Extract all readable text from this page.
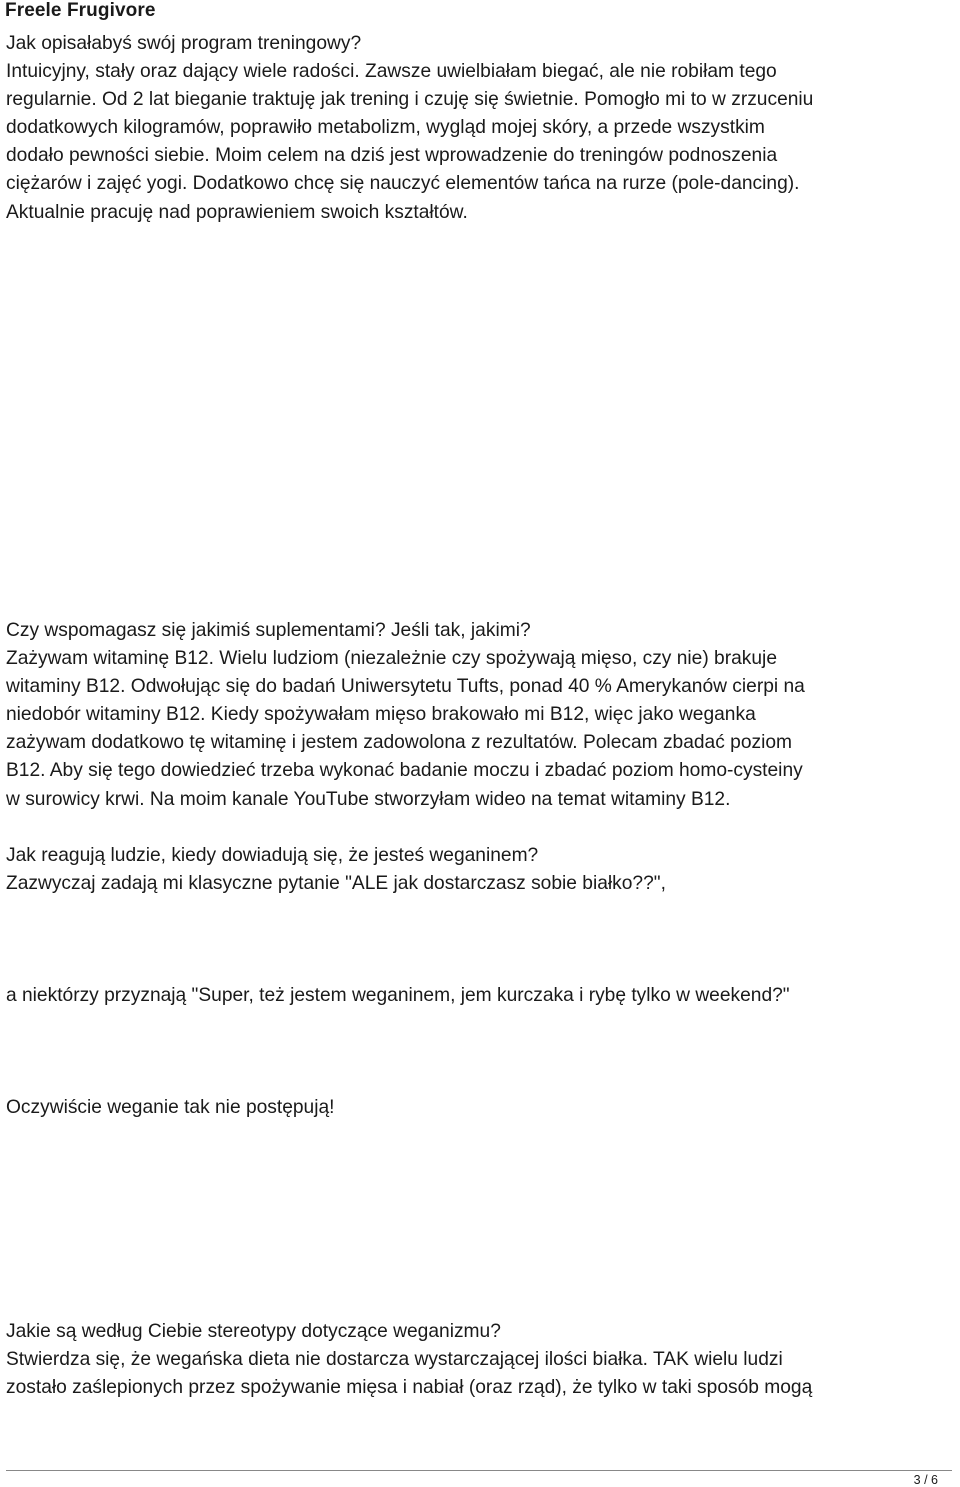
Freele Frugivore
Jak opisałabyś swój program treningowy?
Intuicyjny, stały oraz dający wiele radości. Zawsze uwielbiałam biegać, ale nie robiłam tego
regularnie. Od 2 lat bieganie traktuję jak trening i czuję się świetnie. Pomogło mi to w zrzuceniu
dodatkowych kilogramów, poprawiło metabolizm, wygląd mojej skóry, a przede wszystkim
dodało pewności siebie. Moim celem na dziś jest wprowadzenie do treningów podnoszenia
ciężarów i zajęć yogi. Dodatkowo chcę się nauczyć elementów tańca na rurze (pole-dancing).
Aktualnie pracuję nad poprawieniem swoich kształtów.
Czy wspomagasz się jakimiś suplementami? Jeśli tak, jakimi?
Zażywam witaminę B12. Wielu ludziom (niezależnie czy spożywają mięso, czy nie) brakuje
witaminy B12. Odwołując się do badań Uniwersytetu Tufts, ponad 40 % Amerykanów cierpi na
niedobór witaminy B12. Kiedy spożywałam mięso brakowało mi B12, więc jako weganka
zażywam dodatkowo tę witaminę i jestem zadowolona z rezultatów. Polecam zbadać poziom
B12. Aby się tego dowiedzieć trzeba wykonać badanie moczu i zbadać poziom homo-cysteiny
w surowicy krwi. Na moim kanale YouTube stworzyłam wideo na temat witaminy B12.
Jak reagują ludzie, kiedy dowiadują się, że jesteś weganinem?
Zazwyczaj zadają mi klasyczne pytanie "ALE jak dostarczasz sobie białko??",
a niektórzy przyznają "Super, też jestem weganinem, jem kurczaka i rybę tylko w weekend?"
Oczywiście weganie tak nie postępują!
Jakie są według Ciebie stereotypy dotyczące weganizmu?
Stwierdza się, że wegańska dieta nie dostarcza wystarczającej ilości białka. TAK wielu ludzi
zostało zaślepionych przez spożywanie mięsa i nabiał (oraz rząd), że tylko w taki sposób mogą
3 / 6
